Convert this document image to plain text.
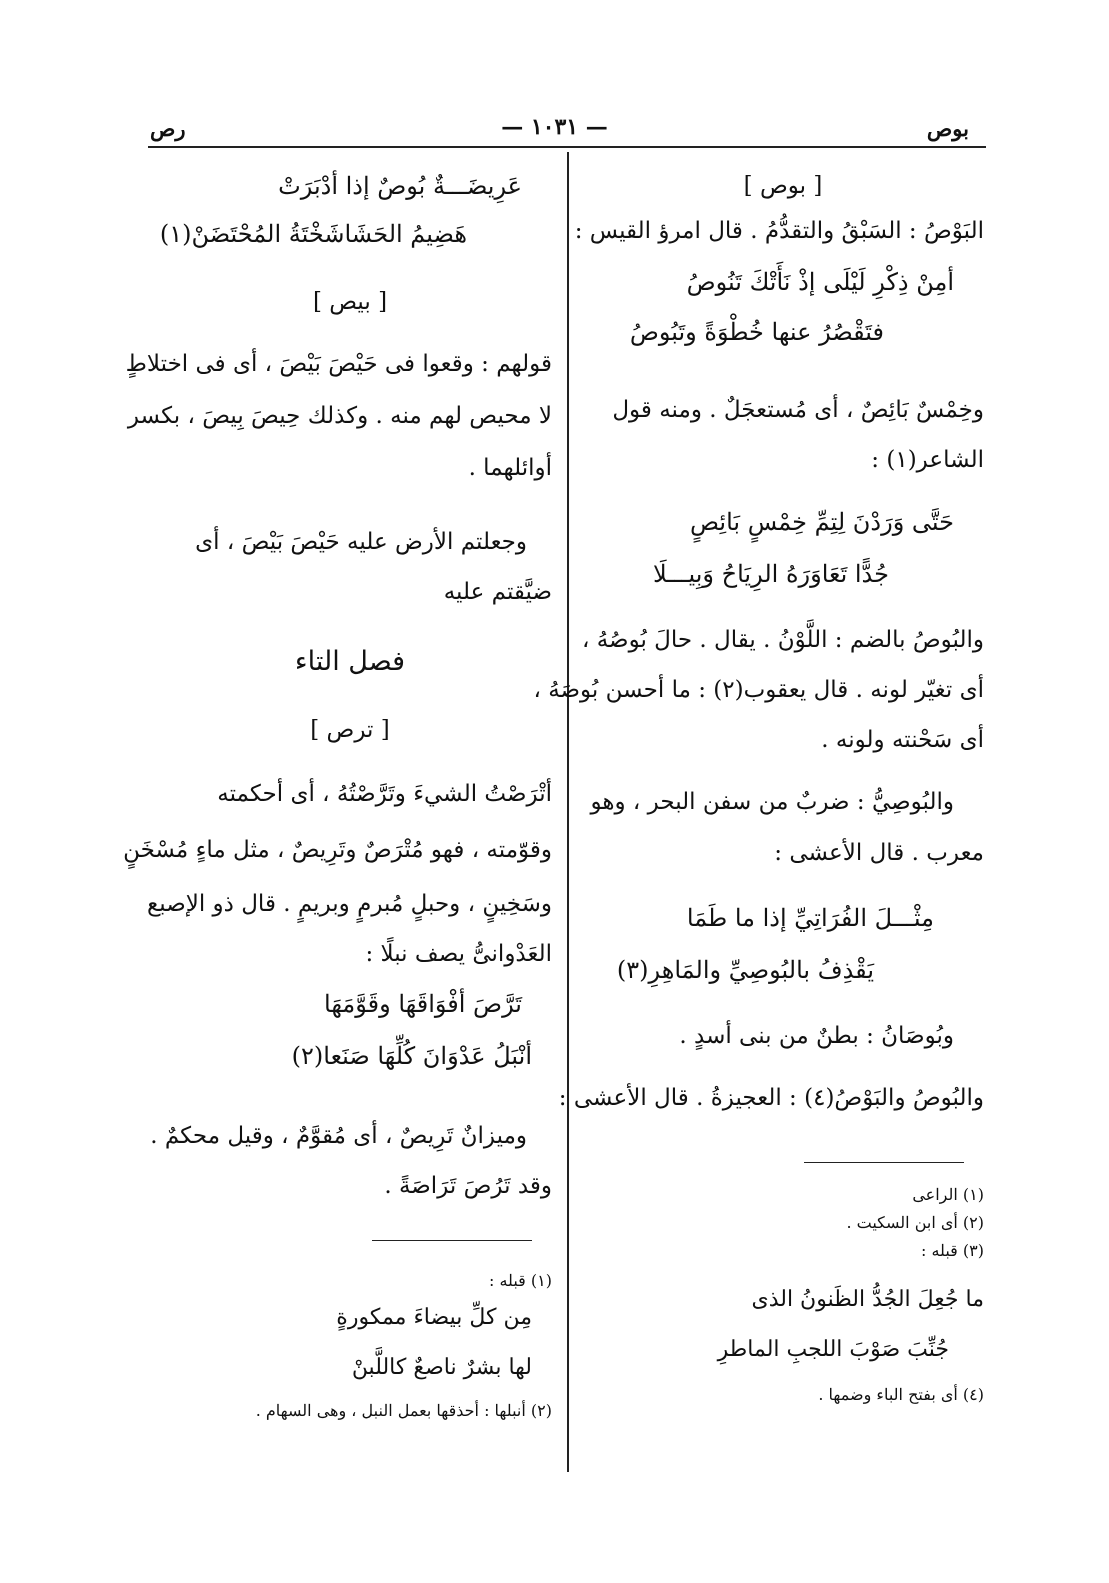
رص	— ١٠٣١ —	بوص
[ بوص ]
البَوْصُ : السَبْقُ والتقدُّمُ . قال امرؤ القيس :
أمِنْ ذِكْرِ لَيْلَى إذْ نَأَتْكَ تَنُوصُ
فتَقْصُرُ عنها خُطْوَةً وتَبُوصُ
وخِمْسٌ بَائِصٌ ، أى مُستعجَلٌ . ومنه قول
الشاعر(١) :
حَتَّى وَرَدْنَ لِتِمِّ خِمْسٍ بَائِصٍ
جُدًّا تَعَاوَرَهُ الرِيَاحُ وَبِيـــلَا
والبُوصُ بالضم : اللَّوْنُ . يقال . حالَ بُوصُهُ ،
أى تغيّر لونه . قال يعقوب(٢) : ما أحسن بُوصَهُ ،
أى سَحْنته ولونه .
والبُوصِيُّ : ضربٌ من سفن البحر ، وهو
معرب . قال الأعشى :
مِثْـــلَ الفُرَاتِيِّ إذا ما طَمَا
يَقْذِفُ بالبُوصِيِّ والمَاهِرِ(٣)
وبُوصَانُ : بطنٌ من بنى أسدٍ .
والبُوصُ والبَوْصُ(٤) : العجيزةُ . قال الأعشى :
(١) الراعى
(٢) أى ابن السكيت .
(٣) قبله :
ما جُعِلَ الجُدُّ الظَنونُ الذى
جُنِّبَ صَوْبَ اللجبِ الماطرِ
(٤) أى بفتح الباء وضمها .
عَرِيضَـــةٌ بُوصٌ إذا أدْبَرَتْ
هَضِيمُ الحَشَاشَخْتَةُ المُحْتَضَنْ(١)
[ بيص ]
قولهم : وقعوا فى حَيْصَ بَيْصَ ، أى فى اختلاطٍ
لا محيص لهم منه . وكذلك حِيصَ بِيصَ ، بكسر
أوائلهما .
وجعلتم الأرض عليه حَيْصَ بَيْصَ ، أى
ضيَّقتم عليه
فصل التاء
[ ترص ]
أتْرَصْتُ الشيءَ وتَرَّصْتُهُ ، أى أحكمته
وقوّمته ، فهو مُتْرَصٌ وتَرِيصٌ ، مثل ماءٍ مُسْخَنٍ
وسَخِينٍ ، وحبلٍ مُبرمٍ وبريمٍ . قال ذو الإصبع
العَدْوانىُّ يصف نبلًا :
تَرَّصَ أفْوَاقَهَا وقَوَّمَهَا
أنْبَلُ عَدْوَانَ كُلِّهَا صَنَعا(٢)
وميزانٌ تَرِيصٌ ، أى مُقوَّمٌ ، وقيل محكمٌ .
وقد تَرُصَ تَرَاصَةً .
(١) قبله :
مِن كلِّ بيضاءَ ممكورةٍ
لها بشرٌ ناصعٌ كاللَّبنْ
(٢) أنبلها : أحذقها بعمل النبل ، وهى السهام .
